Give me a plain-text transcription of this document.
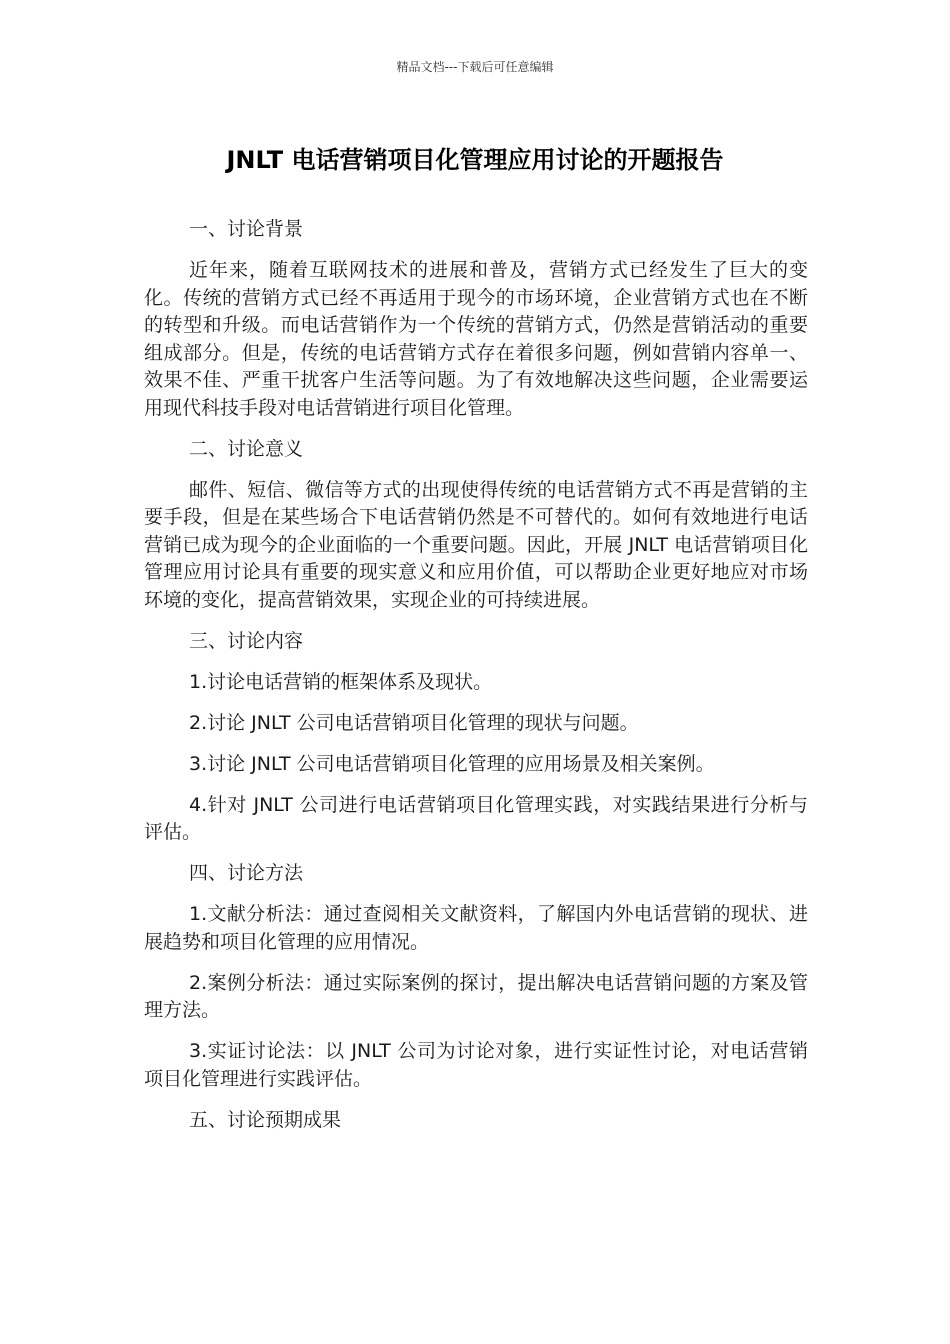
精品文档---下载后可任意编辑
JNLT 电话营销项目化管理应用讨论的开题报告

一、讨论背景

近年来，随着互联网技术的进展和普及，营销方式已经发生了巨大的变化。传统的营销方式已经不再适用于现今的市场环境，企业营销方式也在不断的转型和升级。而电话营销作为一个传统的营销方式，仍然是营销活动的重要组成部分。但是，传统的电话营销方式存在着很多问题，例如营销内容单一、效果不佳、严重干扰客户生活等问题。为了有效地解决这些问题，企业需要运用现代科技手段对电话营销进行项目化管理。

二、讨论意义

邮件、短信、微信等方式的出现使得传统的电话营销方式不再是营销的主要手段，但是在某些场合下电话营销仍然是不可替代的。如何有效地进行电话营销已成为现今的企业面临的一个重要问题。因此，开展 JNLT 电话营销项目化管理应用讨论具有重要的现实意义和应用价值，可以帮助企业更好地应对市场环境的变化，提高营销效果，实现企业的可持续进展。

三、讨论内容

1.讨论电话营销的框架体系及现状。

2.讨论 JNLT 公司电话营销项目化管理的现状与问题。

3.讨论 JNLT 公司电话营销项目化管理的应用场景及相关案例。

4.针对 JNLT 公司进行电话营销项目化管理实践，对实践结果进行分析与评估。

四、讨论方法

1.文献分析法：通过查阅相关文献资料，了解国内外电话营销的现状、进展趋势和项目化管理的应用情况。

2.案例分析法：通过实际案例的探讨，提出解决电话营销问题的方案及管理方法。

3.实证讨论法：以 JNLT 公司为讨论对象，进行实证性讨论，对电话营销项目化管理进行实践评估。

五、讨论预期成果
